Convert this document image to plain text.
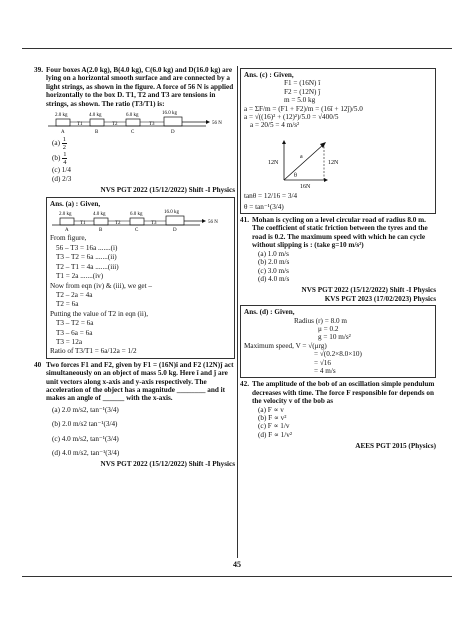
39. Four boxes A(2.0 kg), B(4.0 kg), C(6.0 kg) and D(16.0 kg) are lying on a horizontal smooth surface and are connected by a light strings, as shown in the figure. A force of 56 N is applied horizontally to the box D. T1, T2 and T3 are tensions in strings, as shown. The ratio (T3/T1) is:
2.0 kg	4.0 kg	6.0 kg	16.0 kg
T1	T2	T3	56 N
A	B	C	D
$(a) \frac{1}{2}$
$(b) \frac{1}{4}$
(c) 1/4
(d) 2/3
NVS PGT 2022 (15/12/2022) Shift -I Physics
Ans. (a) : Given,
2.0 kg	4.0 kg	6.0 kg	16.0 kg
T1	T2	T3	56 N
A	B	C	D
From figure,
56 – T3 = 16a .......(i)
T3 – T2 = 6a .......(ii)
T2 – T1 = 4a .......(iii)
T1 = 2a .......(iv)
Now from eqn (iv) & (iii), we get –
T2 – 2a = 4a
T2 = 6a
Putting the value of T2 in eqn (ii),
T3 – T2 = 6a
T3 – 6a = 6a
T3 = 12a
Ratio of T3/T1 = 6a/12a = 1/2
40 Two forces F1 and F2, given by F1 = (16N)î and F2 (12N)ĵ act simultaneously on an object of mass 5.0 kg. Here î and ĵ are unit vectors along x-axis and y-axis respectively. The acceleration of the object has a magnitude ________ and it makes an angle of ______ with the x-axis.
(a) 2.0 m/s2, tan⁻¹(3/4)
(b) 2.0 m/s2 tan⁻¹(3/4)
(c) 4.0 m/s2, tan⁻¹(3/4)
(d) 4.0 m/s2, tan⁻¹(3/4)
NVS PGT 2022 (15/12/2022) Shift -I Physics
Ans. (c) : Given,
F1 = (16N) î
F2 = (12N) ĵ
m = 5.0 kg
a = ΣF/m = (F1 + F2)/m = (16î + 12ĵ)/5.0
a = √((16)² + (12)²)/5.0 = √400/5
a = 20/5 = 4 m/s²
12N	12N
16N
a
θ
tanθ = 12/16 = 3/4
θ = tan⁻¹(3/4)
41. Mohan is cycling on a level circular road of radius 8.0 m. The coefficient of static friction between the tyres and the road is 0.2. The maximum speed with which he can cycle without slipping is : (take g=10 m/s²)
(a) 1.0 m/s
(b) 2.0 m/s
(c) 3.0 m/s
(d) 4.0 m/s
NVS PGT 2022 (15/12/2022) Shift -I Physics
KVS PGT 2023 (17/02/2023) Physics
Ans. (d) : Given,
Radius (r) = 8.0 m
μ = 0.2
g = 10 m/s²
Maximum speed, V = √(μrg)
= √(0.2×8.0×10)
= √16
= 4 m/s
42. The amplitude of the bob of an oscillation simple pendulum decreases with time. The force F responsible for depends on the velocity v of the bob as
(a) F ∝ v
(b) F ∝ v²
(c) F ∝ 1/v
(d) F ∝ 1/v²
AEES PGT 2015 (Physics)
45
